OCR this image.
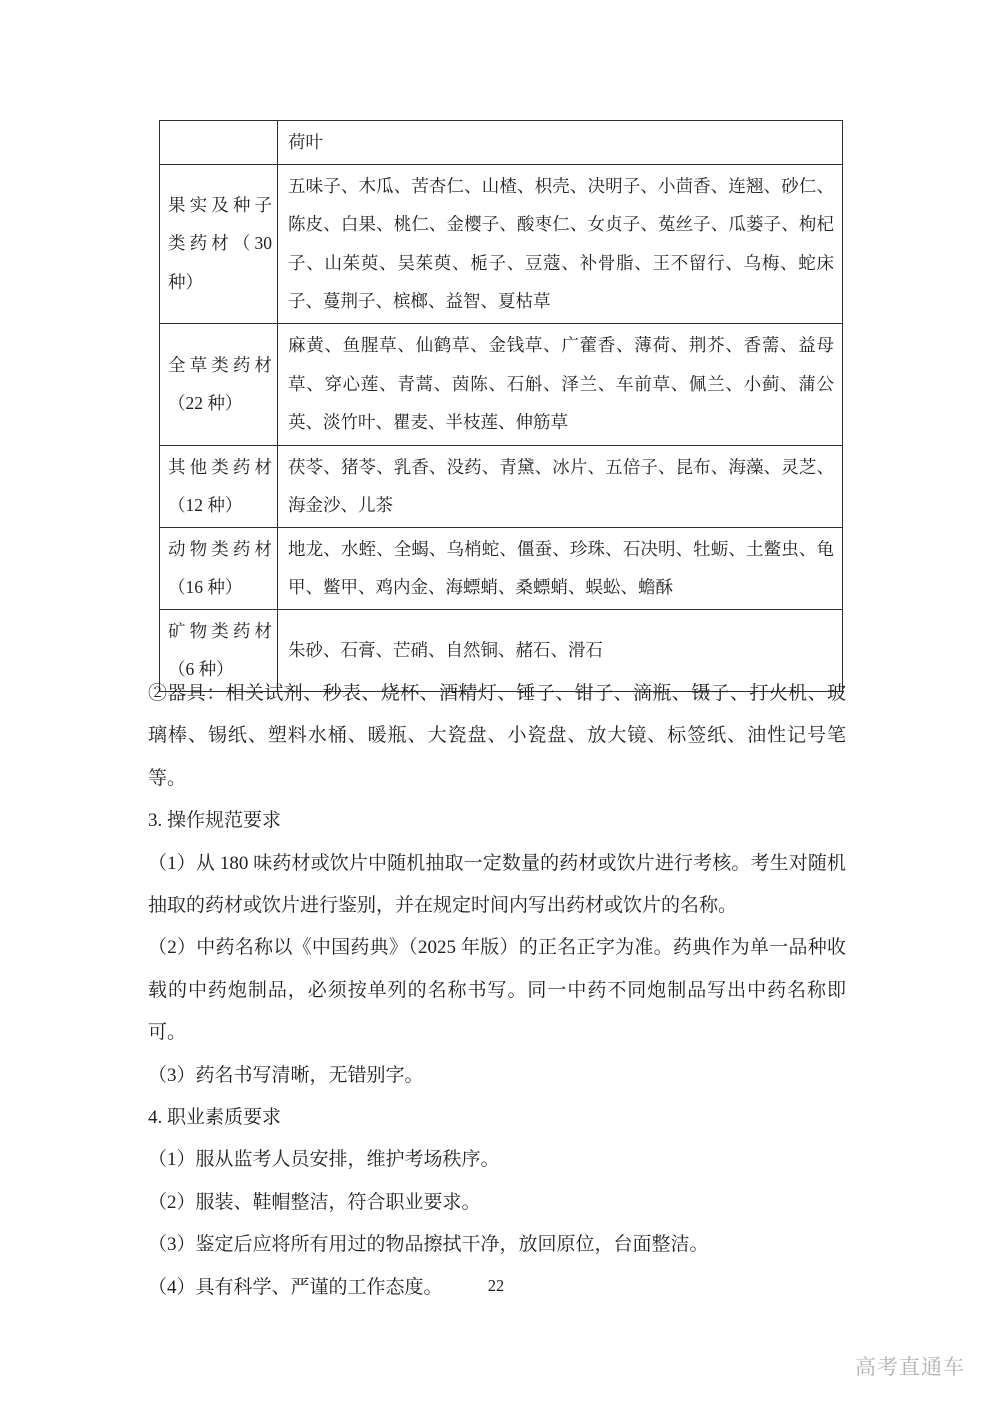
	荷叶
果实及种子类药材（30 种）	五味子、木瓜、苦杏仁、山楂、枳壳、决明子、小茴香、连翘、砂仁、陈皮、白果、桃仁、金樱子、酸枣仁、女贞子、菟丝子、瓜蒌子、枸杞子、山茱萸、吴茱萸、栀子、豆蔻、补骨脂、王不留行、乌梅、蛇床子、蔓荆子、槟榔、益智、夏枯草
全草类药材（22 种）	麻黄、鱼腥草、仙鹤草、金钱草、广藿香、薄荷、荆芥、香薷、益母草、穿心莲、青蒿、茵陈、石斛、泽兰、车前草、佩兰、小蓟、蒲公英、淡竹叶、瞿麦、半枝莲、伸筋草
其他类药材（12 种）	茯苓、猪苓、乳香、没药、青黛、冰片、五倍子、昆布、海藻、灵芝、海金沙、儿茶
动物类药材（16 种）	地龙、水蛭、全蝎、乌梢蛇、僵蚕、珍珠、石决明、牡蛎、土鳖虫、龟甲、鳖甲、鸡内金、海螵蛸、桑螵蛸、蜈蚣、蟾酥
矿物类药材（6 种）	朱砂、石膏、芒硝、自然铜、赭石、滑石

②器具：相关试剂、秒表、烧杯、酒精灯、锤子、钳子、滴瓶、镊子、打火机、玻璃棒、锡纸、塑料水桶、暖瓶、大瓷盘、小瓷盘、放大镜、标签纸、油性记号笔等。

3. 操作规范要求

（1）从 180 味药材或饮片中随机抽取一定数量的药材或饮片进行考核。考生对随机抽取的药材或饮片进行鉴别，并在规定时间内写出药材或饮片的名称。

（2）中药名称以《中国药典》（2025 年版）的正名正字为准。药典作为单一品种收载的中药炮制品，必须按单列的名称书写。同一中药不同炮制品写出中药名称即可。

（3）药名书写清晰，无错别字。

4. 职业素质要求

（1）服从监考人员安排，维护考场秩序。

（2）服装、鞋帽整洁，符合职业要求。

（3）鉴定后应将所有用过的物品擦拭干净，放回原位，台面整洁。

（4）具有科学、严谨的工作态度。	22
高考直通车
